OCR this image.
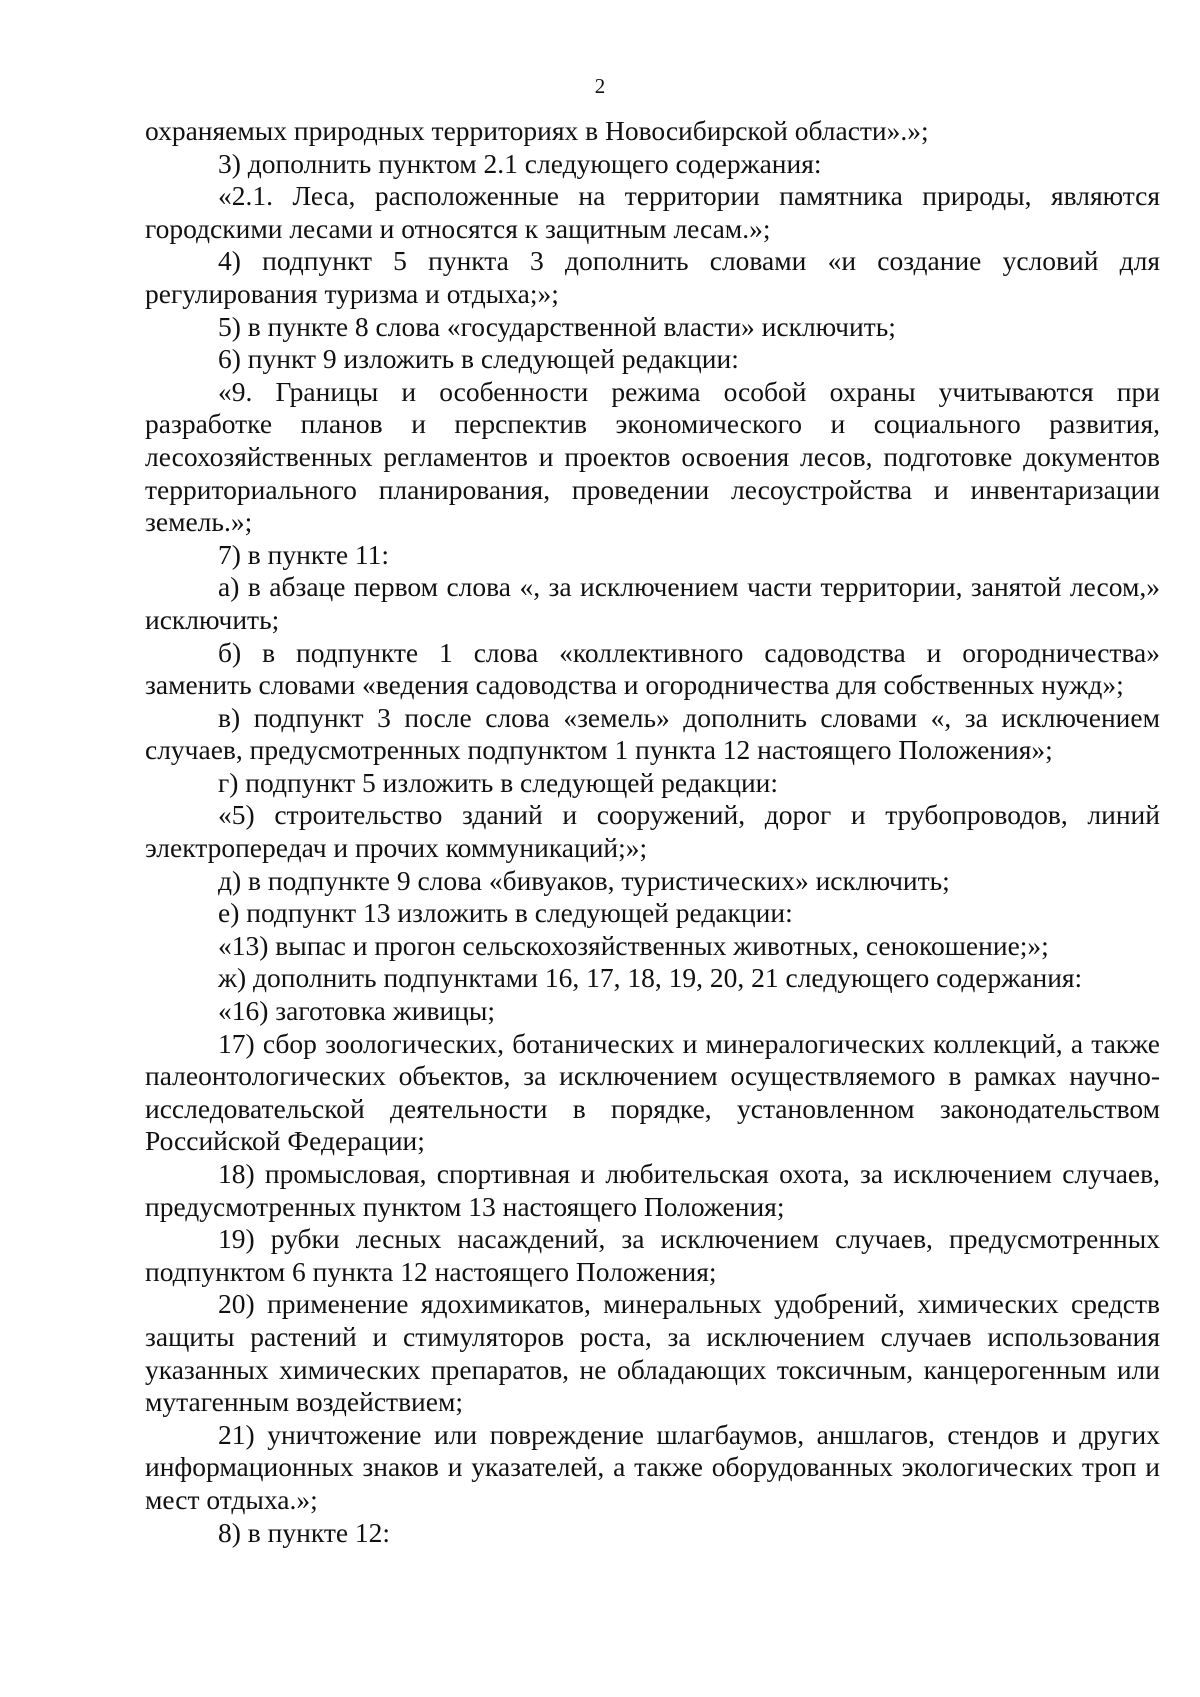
2

охраняемых природных территориях в Новосибирской области».»;

3) дополнить пунктом 2.1 следующего содержания:

«2.1. Леса, расположенные на территории памятника природы, являются городскими лесами и относятся к защитным лесам.»;

4) подпункт 5 пункта 3 дополнить словами «и создание условий для регулирования туризма и отдыха;»;

5) в пункте 8 слова «государственной власти» исключить;

6) пункт 9 изложить в следующей редакции:

«9. Границы и особенности режима особой охраны учитываются при разработке планов и перспектив экономического и социального развития, лесохозяйственных регламентов и проектов освоения лесов, подготовке документов территориального планирования, проведении лесоустройства и инвентаризации земель.»;

7) в пункте 11:

а) в абзаце первом слова «, за исключением части территории, занятой лесом,» исключить;

б) в подпункте 1 слова «коллективного садоводства и огородничества» заменить словами «ведения садоводства и огородничества для собственных нужд»;

в) подпункт 3 после слова «земель» дополнить словами «, за исключением случаев, предусмотренных подпунктом 1 пункта 12 настоящего Положения»;

г) подпункт 5 изложить в следующей редакции:

«5) строительство зданий и сооружений, дорог и трубопроводов, линий электропередач и прочих коммуникаций;»;

д) в подпункте 9 слова «бивуаков, туристических» исключить;

е) подпункт 13 изложить в следующей редакции:

«13) выпас и прогон сельскохозяйственных животных, сенокошение;»;

ж) дополнить подпунктами 16, 17, 18, 19, 20, 21 следующего содержания:

«16) заготовка живицы;

17) сбор зоологических, ботанических и минералогических коллекций, а также палеонтологических объектов, за исключением осуществляемого в рамках научно-исследовательской деятельности в порядке, установленном законодательством Российской Федерации;

18) промысловая, спортивная и любительская охота, за исключением случаев, предусмотренных пунктом 13 настоящего Положения;

19) рубки лесных насаждений, за исключением случаев, предусмотренных подпунктом 6 пункта 12 настоящего Положения;

20) применение ядохимикатов, минеральных удобрений, химических средств защиты растений и стимуляторов роста, за исключением случаев использования указанных химических препаратов, не обладающих токсичным, канцерогенным или мутагенным воздействием;

21) уничтожение или повреждение шлагбаумов, аншлагов, стендов и других информационных знаков и указателей, а также оборудованных экологических троп и мест отдыха.»;

8) в пункте 12:
